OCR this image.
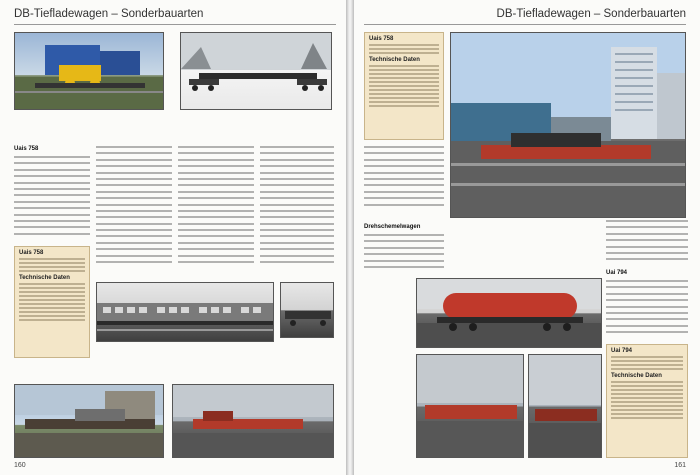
DB-Tiefladewagen – Sonderbauarten
Uais 758
Uais 758
Technische Daten
160
DB-Tiefladewagen – Sonderbauarten
Uais 758
Technische Daten
Drehschemelwagen
Uai 794
Uai 794
Technische Daten
161
